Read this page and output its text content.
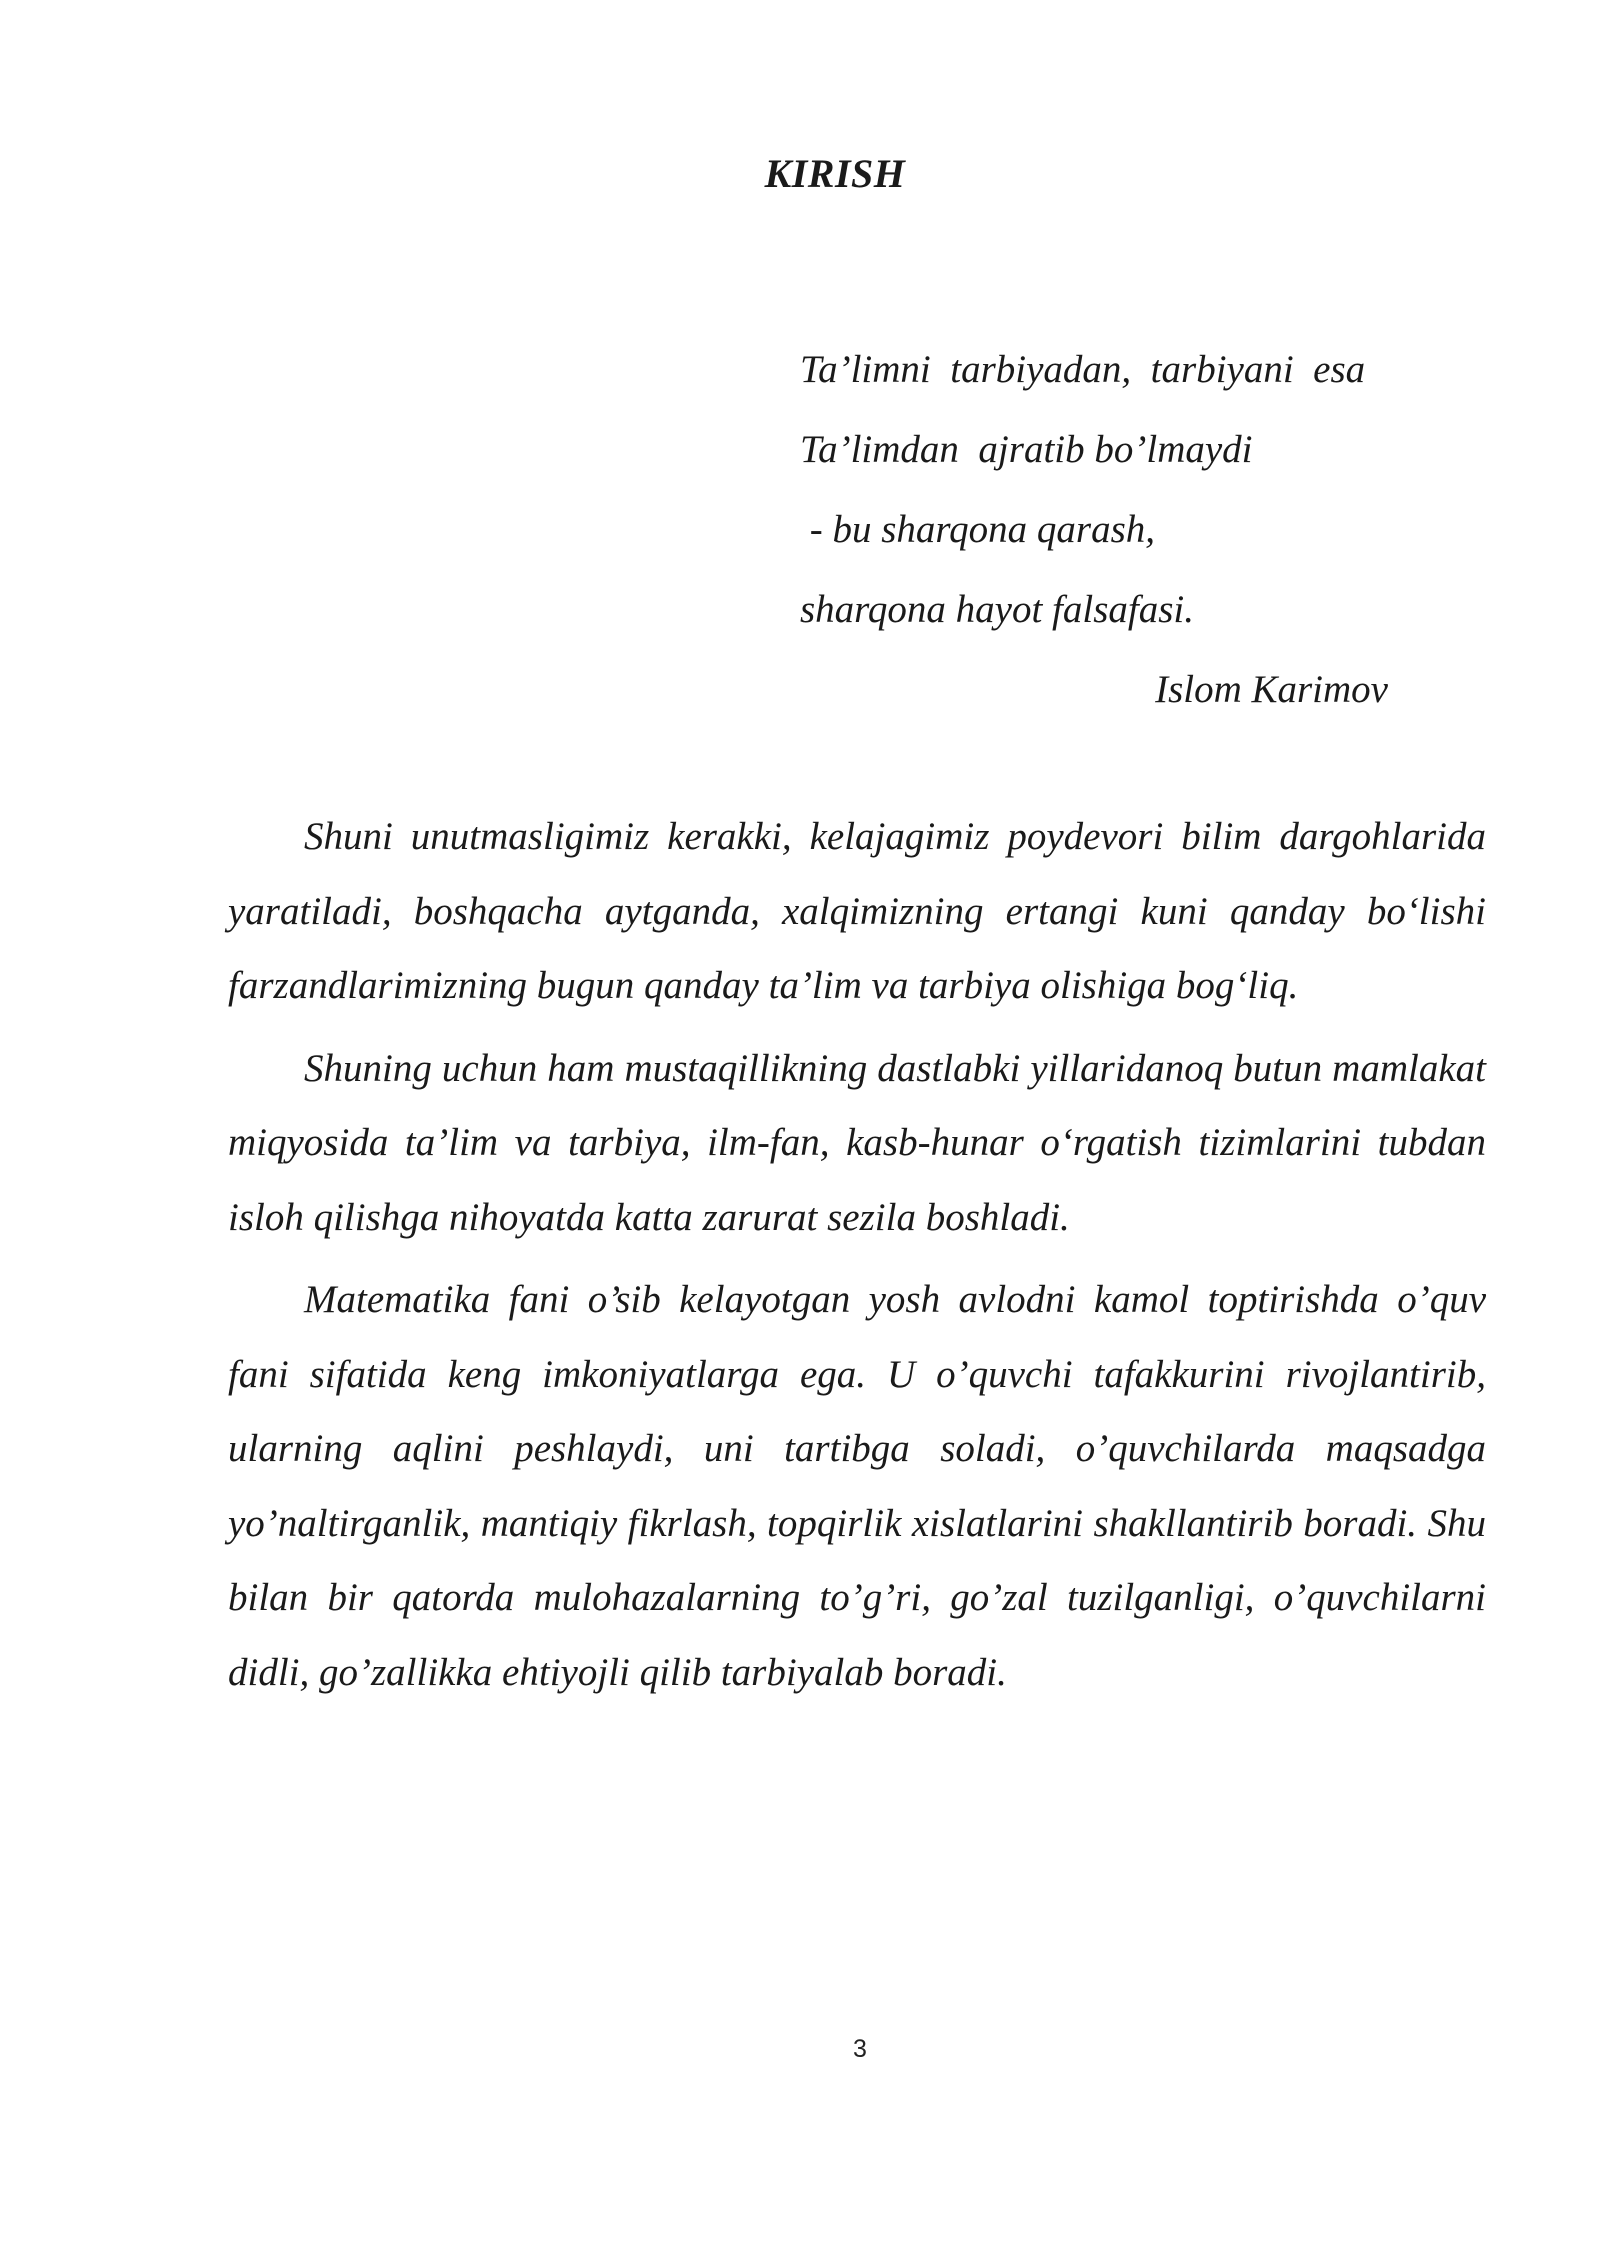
KIRISH
Ta’limni  tarbiyadan,  tarbiyani  esa
Ta’limdan  ajratib bo’lmaydi
- bu sharqona qarash,
sharqona hayot falsafasi.
Islom Karimov

Shuni unutmasligimiz kerakki, kelajagimiz poydevori bilim dargohlarida yaratiladi, boshqacha aytganda, xalqimizning ertangi kuni qanday bo‘lishi farzandlarimizning bugun qanday ta’lim va tarbiya olishiga bog‘liq.

Shuning uchun ham mustaqillikning dastlabki yillaridanoq butun mamlakat miqyosida ta’lim va tarbiya, ilm-fan, kasb-hunar o‘rgatish tizimlarini tubdan isloh qilishga nihoyatda katta zarurat sezila boshladi.

Matematika fani o’sib kelayotgan yosh avlodni kamol toptirishda o’quv fani sifatida keng imkoniyatlarga ega. U o’quvchi tafakkurini rivojlantirib, ularning aqlini peshlaydi, uni tartibga soladi, o’quvchilarda maqsadga yo’naltirganlik, mantiqiy fikrlash, topqirlik xislatlarini shakllantirib boradi. Shu bilan bir qatorda mulohazalarning to’g’ri, go’zal tuzilganligi, o’quvchilarni didli, go’zallikka ehtiyojli qilib tarbiyalab boradi.

3
